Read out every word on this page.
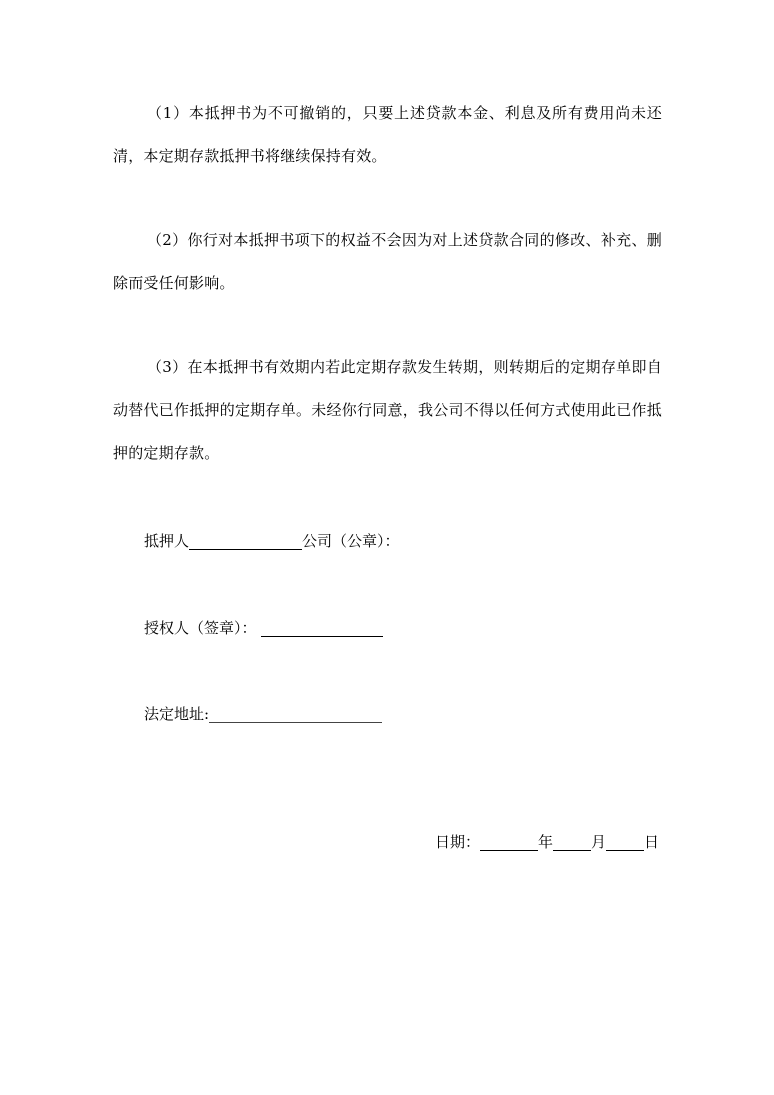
（1）本抵押书为不可撤销的，只要上述贷款本金、利息及所有费用尚未还清，本定期存款抵押书将继续保持有效。

（2）你行对本抵押书项下的权益不会因为对上述贷款合同的修改、补充、删除而受任何影响。

（3）在本抵押书有效期内若此定期存款发生转期，则转期后的定期存单即自动替代已作抵押的定期存单。未经你行同意，我公司不得以任何方式使用此已作抵押的定期存款。

抵押人	公司（公章）：
授权人（签章）：
法定地址:
日期：	年	月	日
